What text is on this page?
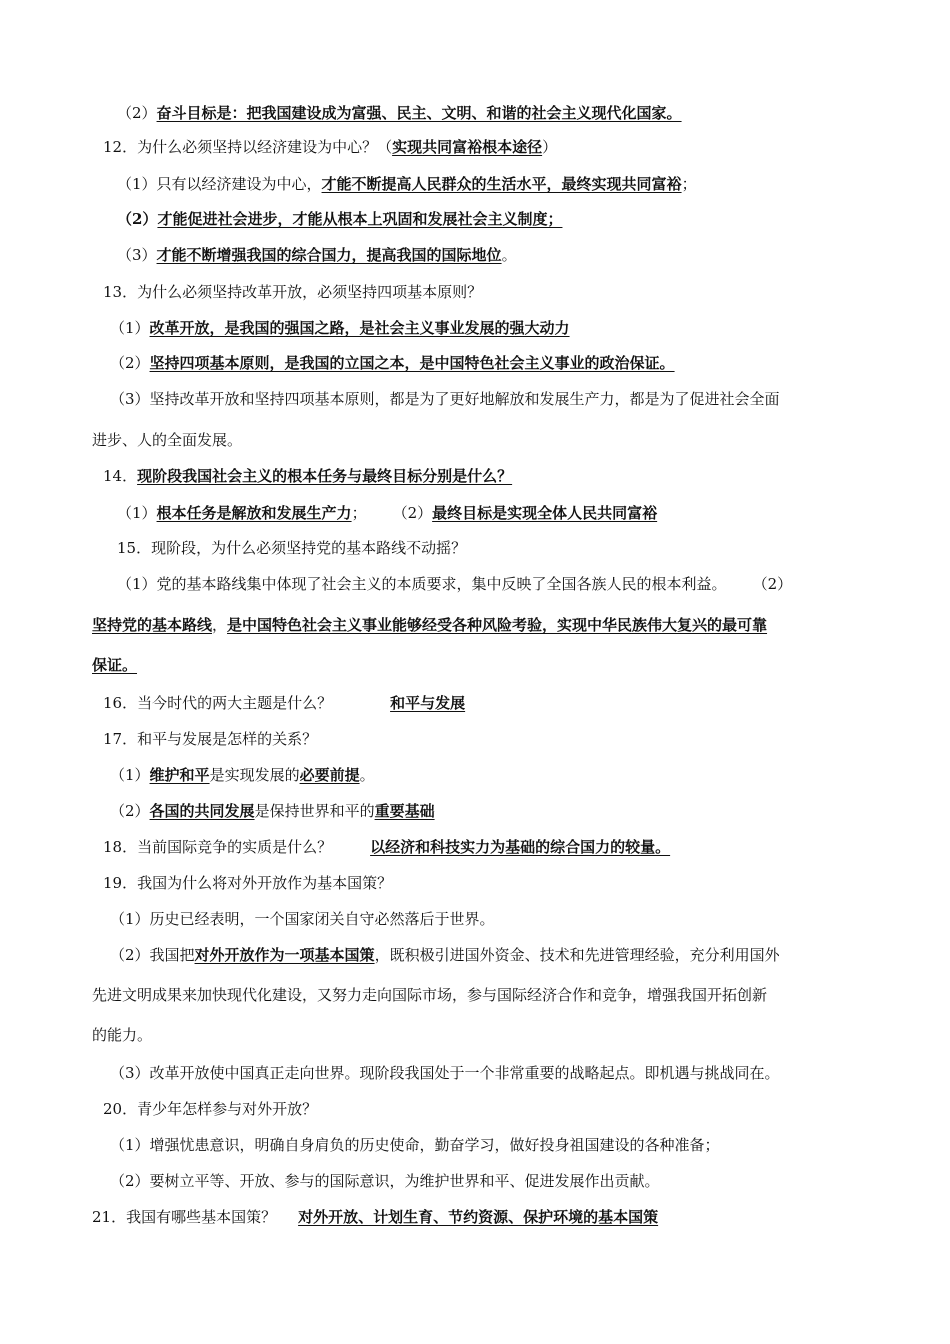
（2）奋斗目标是：把我国建设成为富强、民主、文明、和谐的社会主义现代化国家。
12．为什么必须坚持以经济建设为中心？（实现共同富裕根本途径）
（1）只有以经济建设为中心，才能不断提高人民群众的生活水平，最终实现共同富裕；
（2）才能促进社会进步，才能从根本上巩固和发展社会主义制度；
（3）才能不断增强我国的综合国力，提高我国的国际地位。
13．为什么必须坚持改革开放，必须坚持四项基本原则？
（1）改革开放，是我国的强国之路，是社会主义事业发展的强大动力
（2）坚持四项基本原则，是我国的立国之本，是中国特色社会主义事业的政治保证。
（3）坚持改革开放和坚持四项基本原则，都是为了更好地解放和发展生产力，都是为了促进社会全面
进步、人的全面发展。
14．现阶段我国社会主义的根本任务与最终目标分别是什么？
（1）根本任务是解放和发展生产力； （2）最终目标是实现全体人民共同富裕
15．现阶段，为什么必须坚持党的基本路线不动摇？
（1）党的基本路线集中体现了社会主义的本质要求，集中反映了全国各族人民的根本利益。 （2）
坚持党的基本路线，是中国特色社会主义事业能够经受各种风险考验，实现中华民族伟大复兴的最可靠
保证。
16．当今时代的两大主题是什么？	和平与发展
17．和平与发展是怎样的关系？
（1）维护和平是实现发展的必要前提。
（2）各国的共同发展是保持世界和平的重要基础
18．当前国际竞争的实质是什么？	以经济和科技实力为基础的综合国力的较量。
19．我国为什么将对外开放作为基本国策？
（1）历史已经表明，一个国家闭关自守必然落后于世界。
（2）我国把对外开放作为一项基本国策，既积极引进国外资金、技术和先进管理经验，充分利用国外
先进文明成果来加快现代化建设，又努力走向国际市场，参与国际经济合作和竞争，增强我国开拓创新
的能力。
（3）改革开放使中国真正走向世界。现阶段我国处于一个非常重要的战略起点。即机遇与挑战同在。
20．青少年怎样参与对外开放？
（1）增强忧患意识，明确自身肩负的历史使命，勤奋学习，做好投身祖国建设的各种准备；
（2）要树立平等、开放、参与的国际意识，为维护世界和平、促进发展作出贡献。
21．我国有哪些基本国策？ 对外开放、计划生育、节约资源、保护环境的基本国策
